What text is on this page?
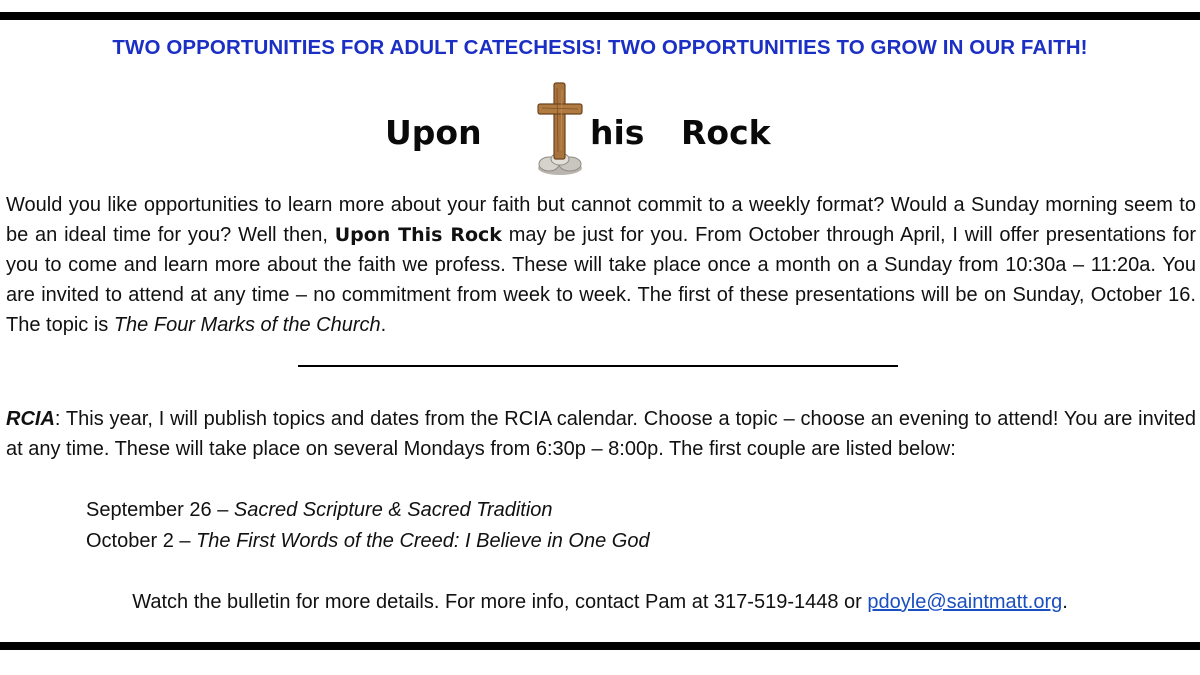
TWO OPPORTUNITIES FOR ADULT CATECHESIS! TWO OPPORTUNITIES TO GROW IN OUR FAITH!
Upon	his Rock
Would you like opportunities to learn more about your faith but cannot commit to a weekly format? Would a Sunday morning seem to be an ideal time for you? Well then, Upon This Rock may be just for you. From October through April, I will offer presentations for you to come and learn more about the faith we profess. These will take place once a month on a Sunday from 10:30a – 11:20a. You are invited to attend at any time – no commitment from week to week. The first of these presentations will be on Sunday, October 16. The topic is The Four Marks of the Church.
RCIA: This year, I will publish topics and dates from the RCIA calendar. Choose a topic – choose an evening to attend! You are invited at any time. These will take place on several Mondays from 6:30p – 8:00p. The first couple are listed below:
September 26 – Sacred Scripture & Sacred Tradition
October 2 – The First Words of the Creed: I Believe in One God
Watch the bulletin for more details. For more info, contact Pam at 317-519-1448 or pdoyle@saintmatt.org.
